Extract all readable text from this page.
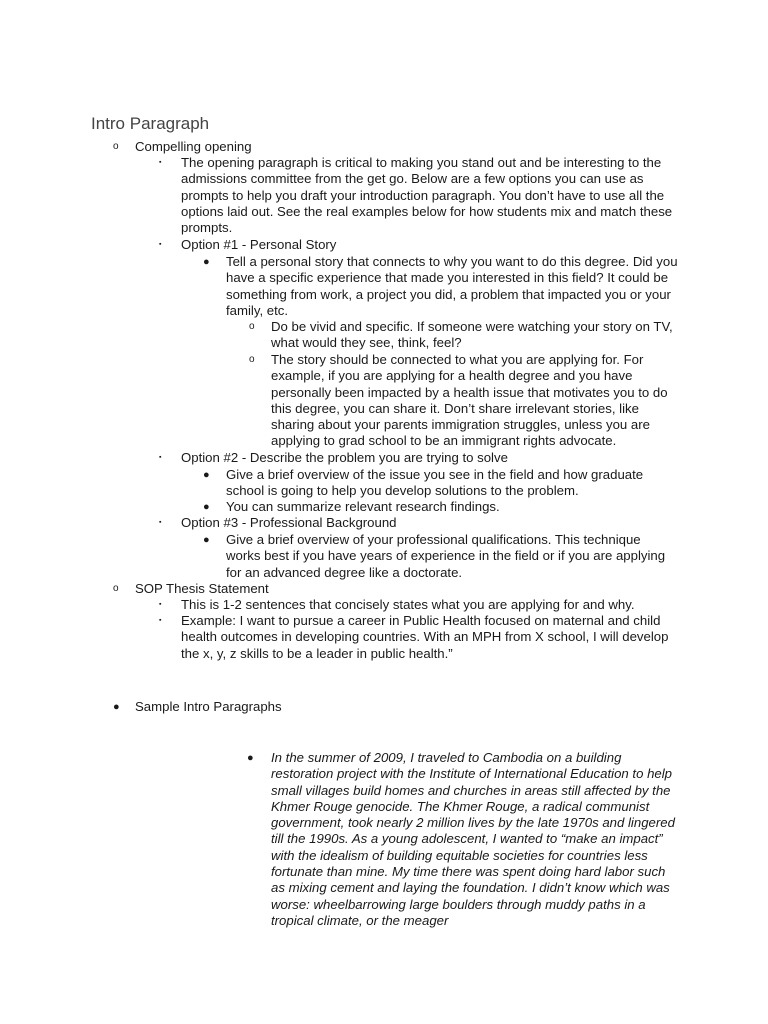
Intro Paragraph
o Compelling opening
▪ The opening paragraph is critical to making you stand out and be interesting to the admissions committee from the get go. Below are a few options you can use as prompts to help you draft your introduction paragraph. You don’t have to use all the options laid out. See the real examples below for how students mix and match these prompts.
▪ Option #1 - Personal Story
● Tell a personal story that connects to why you want to do this degree. Did you have a specific experience that made you interested in this field? It could be something from work, a project you did, a problem that impacted you or your family, etc.
o Do be vivid and specific. If someone were watching your story on TV, what would they see, think, feel?
o The story should be connected to what you are applying for. For example, if you are applying for a health degree and you have personally been impacted by a health issue that motivates you to do this degree, you can share it. Don’t share irrelevant stories, like sharing about your parents immigration struggles, unless you are applying to grad school to be an immigrant rights advocate.
▪ Option #2 - Describe the problem you are trying to solve
● Give a brief overview of the issue you see in the field and how graduate school is going to help you develop solutions to the problem.
● You can summarize relevant research findings.
▪ Option #3 - Professional Background
● Give a brief overview of your professional qualifications. This technique works best if you have years of experience in the field or if you are applying for an advanced degree like a doctorate.
o SOP Thesis Statement
▪ This is 1-2 sentences that concisely states what you are applying for and why.
▪ Example: I want to pursue a career in Public Health focused on maternal and child health outcomes in developing countries. With an MPH from X school, I will develop the x, y, z skills to be a leader in public health.”
● Sample Intro Paragraphs
● In the summer of 2009, I traveled to Cambodia on a building restoration project with the Institute of International Education to help small villages build homes and churches in areas still affected by the Khmer Rouge genocide. The Khmer Rouge, a radical communist government, took nearly 2 million lives by the late 1970s and lingered till the 1990s. As a young adolescent, I wanted to “make an impact” with the idealism of building equitable societies for countries less fortunate than mine. My time there was spent doing hard labor such as mixing cement and laying the foundation. I didn’t know which was worse: wheelbarrowing large boulders through muddy paths in a tropical climate, or the meager
